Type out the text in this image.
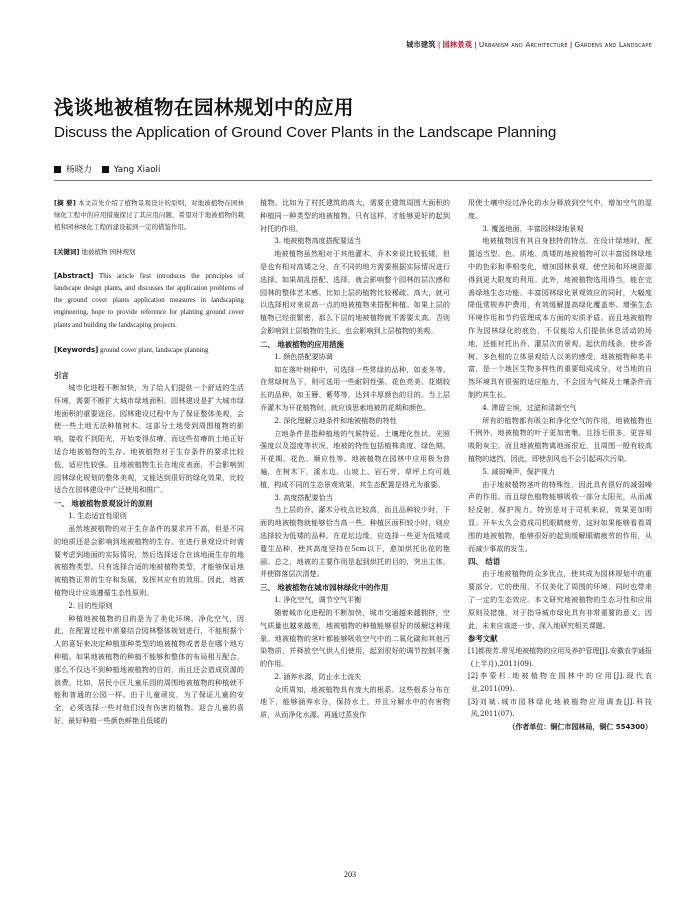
城市建筑 | 园林景观 | Urbanism and Architecture | Gardens and Landscape
浅谈地被植物在园林规划中的应用
Discuss the Application of Ground Cover Plants in the Landscape Planning
杨晓力	Yang Xiaoli
[摘 要] 本文首先介绍了植物景观设计的原则，对地被植物在园林绿化工程中的应用措施探讨了其应用问题，希望对于地被植物的栽植和园林绿化工程的建设起到一定的借鉴作用。
[关键词] 地被植物 园林规划
[Abstract] This article first introduces the principles of landscape design plants, and discusses the application problems of the ground cover plants application measures in landscaping engineering, hope to provide reference for planting ground cover plants and building the landscaping projects.
[Keywords] ground cover plant, landscape planning
引言
城市化进程不断加快，为了给人们提供一个舒适的生活环境，需要不断扩大城市绿地面积，园林建设是扩大城市绿地面积的重要途径。园林建设过程中为了保证整体美观，会使一些土地无法种植树木。这部分土地受到周围植物的影响，接收不到阳光，开始变得贫瘠，而这些贫瘠的土地正好适合地被植物的生存。地被植物对于生存条件的要求比较低，适应性较强。且地被植物生长在地皮表面，不会影响到园林绿化规划的整体美观，又能达到很好的绿化效果，比较适合在园林建设中广泛使用和推广。
一、 地被植物景观设计的原则
1. 生态适宜性原则
虽然地被植物的对于生存条件的要求并不高，但是不同的地质还是会影响到地被植物的生存。在进行景观设计时需要考虑到地面的实际情况，然后选择适合在该地面生存的地被植物类型。只有选择合适的地被植物类型，才能够保证地被植物正常的生存和发展，发挥其应有的效用。因此，地被植物设计应该遵循生态性原则。
2. 目的性原则
种植地被植物的目的是为了美化环境、净化空气，因此，在配置过程中需要结合园林整体规划进行，不能根据个人的喜好来决定种植那种类型的地被植物或者是在哪个地方种植。如果地被植物的种植不能够和整体的布局相互配合，那么不仅达不到种植地被植物的目的，而且还会造成资源的浪费。比如，居民小区儿童乐园的周围地被植物的种植就不能和普通的公园一样。由于儿童顽皮，为了保证儿童的安全，必须选择一些对他们没有伤害的植物。迎合儿童的喜好，最好种植一些颜色鲜艳且低矮的
植物。比如为了村托建筑的高大，需要在建筑周围大面积的种植同一种类型的地被植物。只有这样，才能够更好的起到衬托的作用。
3. 地被植物高度搭配要适当
地被植物虽然相对于其他灌木、乔木来说比较低矮，但是也有相对高矮之分，在不同的地方需要根据实际情况进行选择。如果胡乱搭配、选择，就会影响整个园林的层次感和园林的整体艺术感。比如上层的植物比较稀疏、高大，就可以选择相对来说高一点的地被植物来搭配种植。如果上层的植物已经很繁密，那么下层的地被植物就不需要太高。否则会影响到上层植物的生长，也会影响到上层植物的美观。
二、 地被植物的应用措施
1. 颜色搭配要协调
如在落叶树种中，可选择一些常绿的品种，如麦冬等。在常绿树丛下，则可选用一些耐阴性强、花色亮美、花期较长的品种，如玉簪、紫萼等，达到丰厚颜色的目的。当上层乔灌木为开花植物时，就应该思索地被的花期和颜色。
2. 深化理解立地条件和地被植物的特性
立地条件是指种植地的气候特征、土壤理化性状、光照强度以及湿度等状况，地被的特性包括植株高度、绿色期、开花期、花色、顺应性等。地被植物在园林中应用极为普遍，在树木下，溪水边、山坡上、岩石旁、草坪上均可栽植，构成不同的生态景观效果，其生态配置是得尤为重要。
3. 高度搭配要恰当
当上层的乔、灌木分枝点比较高，而且品种较少时，下面的地被植物就能够恰当高一些。种植区面积较小时，则应选择较为低矮的品种。在花坛边缘，应选择一些更为低矮或蔓生品种，使其高度坚持在5cm以下，愈加烘托出花的艳丽。总之，地被的主要作用是起到烘托的目的，突出主体，并使群落层次清楚。
三、 地被植物在城市园林绿化中的作用
1. 净化空气，调节空气平衡
随着城市化进程的不断加快，城市交通越来越拥挤，空气质量也越来越差，地被植物的种植能够很好的缓解这种现象。地被植物的茎叶都能够吸收空气中的二氧化碳和其他污染物质，并释放空气供人们使用，起到很好的调节控制平衡的作用。
2. 涵养水源，防止水土流失
众所周知，地被植物具有庞大的根系。这些根系分布在地下，能够涵养水分，保持水土，并且分解水中的有害物质，从而净化水源。再通过蒸发作
用使土壤中经过净化的水分释放到空气中，增加空气的湿度。
3. 覆盖地面，丰富园林绿地景观
地被植物因有其自身独特的特点，在设计绿地时，配置适当型、色、质地、高矮的地被植物可以丰富园林绿地中的色彩和季相变化，增加园林景观，使空间和环境资源得到更大限度的利用。此外，地被植物选用得当，能在完善绿地生态功能、丰富园林绿化景观效应的同时，大幅度降低常规养护费用，有效缓解提高绿化覆盖率、增强生态环境作用和节约管理成本方面的实质矛盾。而且地被植物作为园林绿化的底色，不仅能给人们提供休息活动的场地，还能衬托出乔、灌层次的景观。起伏的线条，使乡香树、多色相的立体景观给人以美的感受，地被植物种类丰富，是一个地区生物多样性的重要组成成分，对当地的自然环境具有很强的适应能力，不会因为气候及土壤条件而制约其生长。
4. 滞留尘埃，过滤和清新空气
所有的植物都有吸尘和净化空气的作用，地被植物也不例外，地被植物的叶子更加密集，且扬毛很多，更容易吸附灰尘。而且地被植物离地面很近，且周围一般有较高植物的遮挡，因此，即使刮风也不会引起再次污染。
5. 减弱噪声，保护视力
由于地被植物茎叶的特殊性，因此具有很好的减弱噪声的作用。而且绿色植物能够吸收一部分太阳光，从而减轻反射，保护视力。特别是对于司机来说，效果更加明显。开车太久会造成司机眼睛疲劳，这时如果能够看看周围的地被植物，能够很好的起到缓解眼睛疲劳的作用，从而减少事故的发生。
四、 结语
由于地被植物的众多优点，使其成为园林规划中的重要部分，它的使用，不仅美化了周围的环境，同时也带来了一定的生态效应。本文研究地被植物的生态习性和应用原则及措施，对于指导城市绿化具有非常重要的意义。因此，未来应该进一步、深入地研究相关课题。
参考文献
[1]都俊芳.常见地被植物的应用及养护管理[J].安徽农学通报(上半月),2011(09).
[2]李蒙杉.地被植物在园林中的应用[J].现代农业,2011(09).
[3]刘斌.城市园林绿化地被植物应用调查[J].科技风,2011(07).
（作者单位：铜仁市园林局，铜仁 554300）
203
